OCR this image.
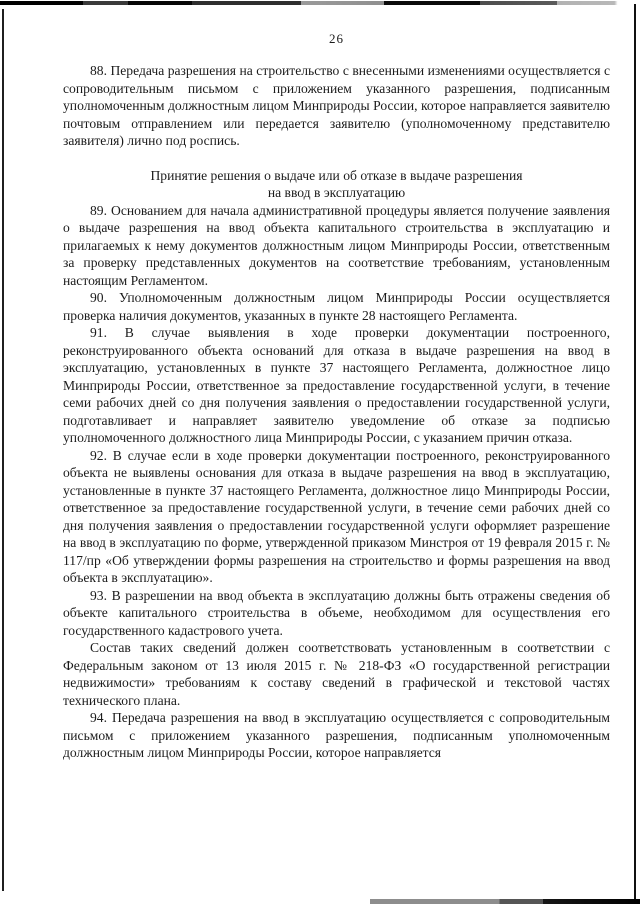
26

88. Передача разрешения на строительство с внесенными изменениями осуществляется с сопроводительным письмом с приложением указанного разрешения, подписанным уполномоченным должностным лицом Минприроды России, которое направляется заявителю почтовым отправлением или передается заявителю (уполномоченному представителю заявителя) лично под роспись.

Принятие решения о выдаче или об отказе в выдаче разрешения
на ввод в эксплуатацию

89. Основанием для начала административной процедуры является получение заявления о выдаче разрешения на ввод объекта капитального строительства в эксплуатацию и прилагаемых к нему документов должностным лицом Минприроды России, ответственным за проверку представленных документов на соответствие требованиям, установленным настоящим Регламентом.

90. Уполномоченным должностным лицом Минприроды России осуществляется проверка наличия документов, указанных в пункте 28 настоящего Регламента.

91. В случае выявления в ходе проверки документации построенного, реконструированного объекта оснований для отказа в выдаче разрешения на ввод в эксплуатацию, установленных в пункте 37 настоящего Регламента, должностное лицо Минприроды России, ответственное за предоставление государственной услуги, в течение семи рабочих дней со дня получения заявления о предоставлении государственной услуги, подготавливает и направляет заявителю уведомление об отказе за подписью уполномоченного должностного лица Минприроды России, с указанием причин отказа.

92. В случае если в ходе проверки документации построенного, реконструированного объекта не выявлены основания для отказа в выдаче разрешения на ввод в эксплуатацию, установленные в пункте 37 настоящего Регламента, должностное лицо Минприроды России, ответственное за предоставление государственной услуги, в течение семи рабочих дней со дня получения заявления о предоставлении государственной услуги оформляет разрешение на ввод в эксплуатацию по форме, утвержденной приказом Минстроя от 19 февраля 2015 г. № 117/пр «Об утверждении формы разрешения на строительство и формы разрешения на ввод объекта в эксплуатацию».

93. В разрешении на ввод объекта в эксплуатацию должны быть отражены сведения об объекте капитального строительства в объеме, необходимом для осуществления его государственного кадастрового учета.

Состав таких сведений должен соответствовать установленным в соответствии с Федеральным законом от 13 июля 2015 г. № 218-ФЗ «О государственной регистрации недвижимости» требованиям к составу сведений в графической и текстовой частях технического плана.

94. Передача разрешения на ввод в эксплуатацию осуществляется с сопроводительным письмом с приложением указанного разрешения, подписанным уполномоченным должностным лицом Минприроды России, которое направляется
